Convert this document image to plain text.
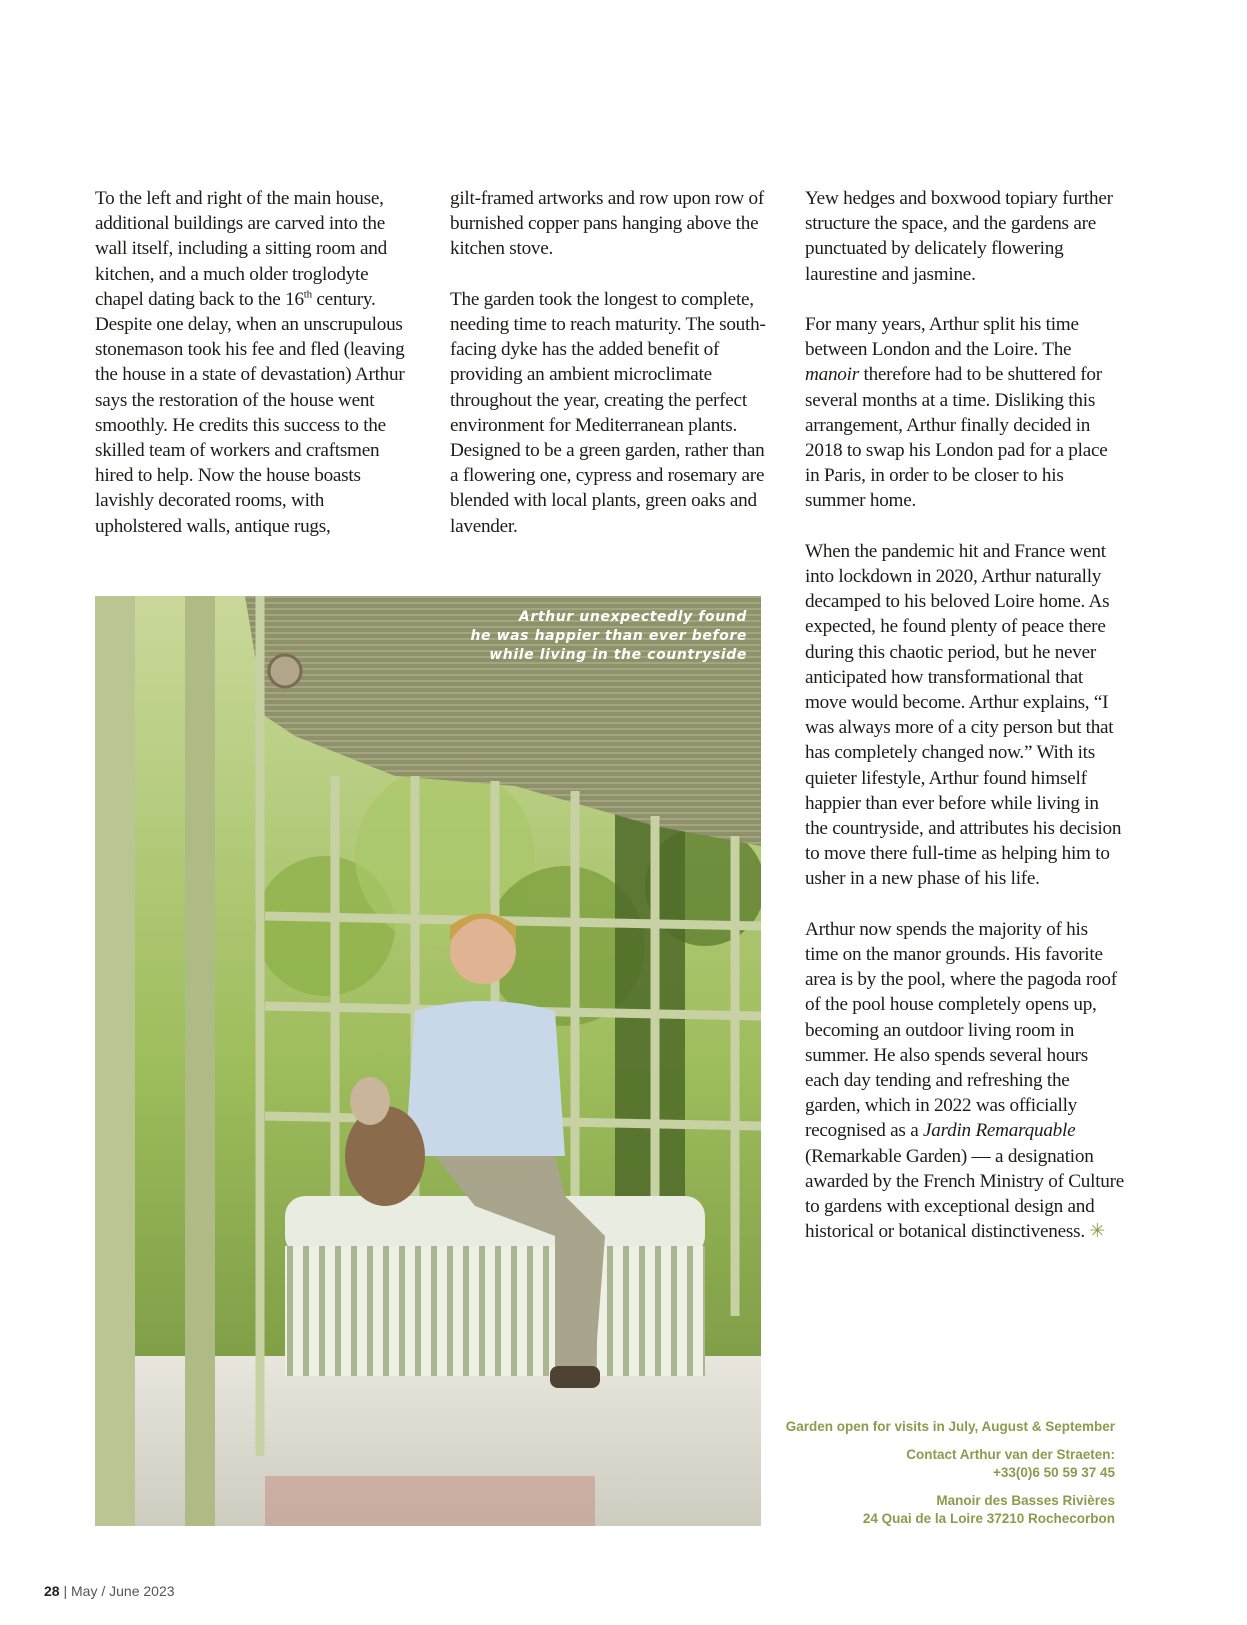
To the left and right of the main house, additional buildings are carved into the wall itself, including a sitting room and kitchen, and a much older troglodyte chapel dating back to the 16th century. Despite one delay, when an unscrupulous stonemason took his fee and fled (leaving the house in a state of devastation) Arthur says the restoration of the house went smoothly. He credits this success to the skilled team of workers and craftsmen hired to help. Now the house boasts lavishly decorated rooms, with upholstered walls, antique rugs,

gilt-framed artworks and row upon row of burnished copper pans hanging above the kitchen stove.

The garden took the longest to complete, needing time to reach maturity. The south-facing dyke has the added benefit of providing an ambient microclimate throughout the year, creating the perfect environment for Mediterranean plants. Designed to be a green garden, rather than a flowering one, cypress and rosemary are blended with local plants, green oaks and lavender.

Yew hedges and boxwood topiary further structure the space, and the gardens are punctuated by delicately flowering laurestine and jasmine.

For many years, Arthur split his time between London and the Loire. The manoir therefore had to be shuttered for several months at a time. Disliking this arrangement, Arthur finally decided in 2018 to swap his London pad for a place in Paris, in order to be closer to his summer home.

When the pandemic hit and France went into lockdown in 2020, Arthur naturally decamped to his beloved Loire home. As expected, he found plenty of peace there during this chaotic period, but he never anticipated how transformational that move would become. Arthur explains, “I was always more of a city person but that has completely changed now.” With its quieter lifestyle, Arthur found himself happier than ever before while living in the countryside, and attributes his decision to move there full-time as helping him to usher in a new phase of his life.

Arthur now spends the majority of his time on the manor grounds. His favorite area is by the pool, where the pagoda roof of the pool house completely opens up, becoming an outdoor living room in summer. He also spends several hours each day tending and refreshing the garden, which in 2022 was officially recognised as a Jardin Remarquable (Remarkable Garden) — a designation awarded by the French Ministry of Culture to gardens with exceptional design and historical or botanical distinctiveness. ✳

Arthur unexpectedly found
he was happier than ever before
while living in the countryside
Garden open for visits in July, August & September
Contact Arthur van der Straeten:
+33(0)6 50 59 37 45
Manoir des Basses Rivières
24 Quai de la Loire 37210 Rochecorbon
28 | May / June 2023
